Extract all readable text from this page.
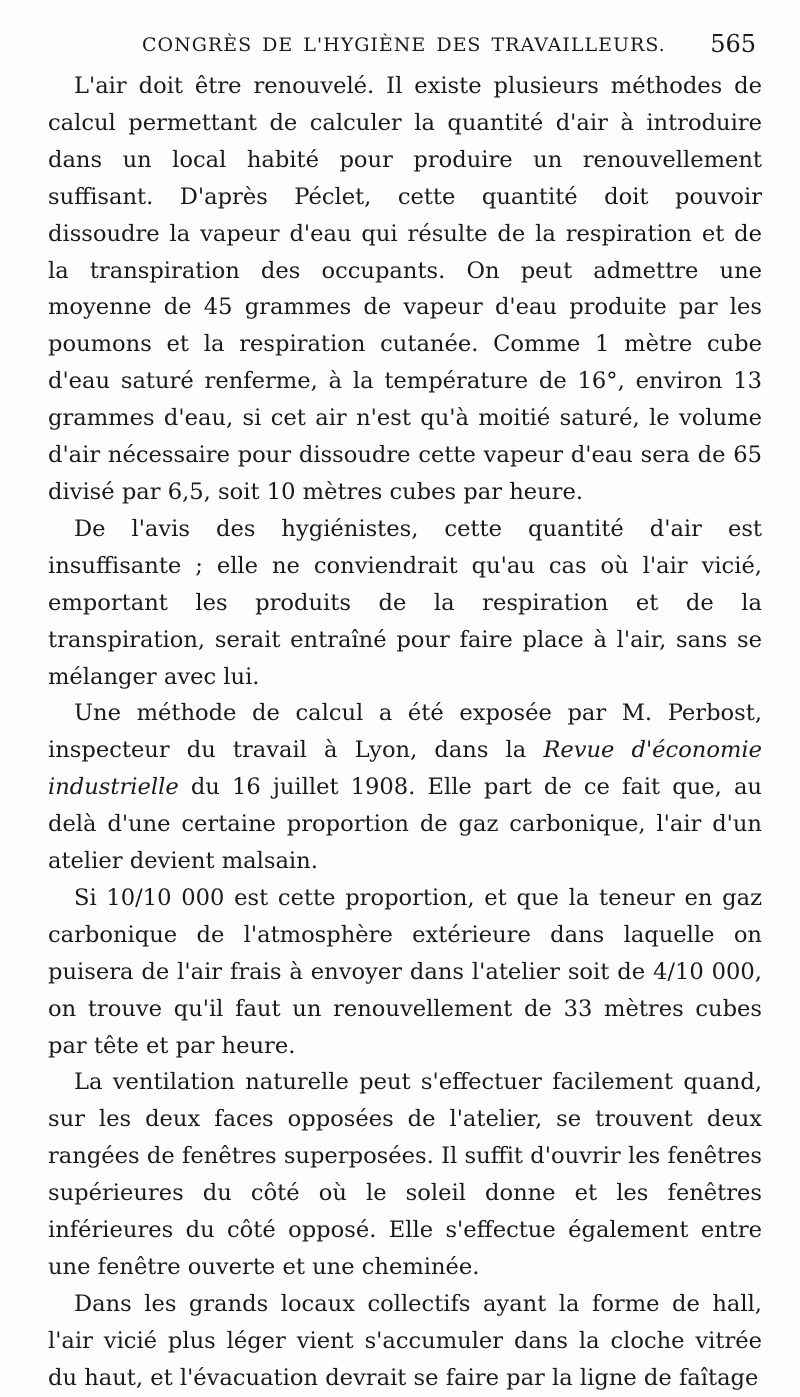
CONGRÈS DE L'HYGIÈNE DES TRAVAILLEURS. 565

L'air doit être renouvelé. Il existe plusieurs méthodes de calcul permettant de calculer la quantité d'air à introduire dans un local habité pour produire un renouvellement suffisant. D'après Péclet, cette quantité doit pouvoir dissoudre la vapeur d'eau qui résulte de la respiration et de la transpiration des occupants. On peut admettre une moyenne de 45 grammes de vapeur d'eau produite par les poumons et la respiration cutanée. Comme 1 mètre cube d'eau saturé renferme, à la température de 16°, environ 13 grammes d'eau, si cet air n'est qu'à moitié saturé, le volume d'air nécessaire pour dissoudre cette vapeur d'eau sera de 65 divisé par 6,5, soit 10 mètres cubes par heure.

De l'avis des hygiénistes, cette quantité d'air est insuffisante ; elle ne conviendrait qu'au cas où l'air vicié, emportant les produits de la respiration et de la transpiration, serait entraîné pour faire place à l'air, sans se mélanger avec lui.

Une méthode de calcul a été exposée par M. Perbost, inspecteur du travail à Lyon, dans la Revue d'économie industrielle du 16 juillet 1908. Elle part de ce fait que, au delà d'une certaine proportion de gaz carbonique, l'air d'un atelier devient malsain.

Si 10/10 000 est cette proportion, et que la teneur en gaz carbonique de l'atmosphère extérieure dans laquelle on puisera de l'air frais à envoyer dans l'atelier soit de 4/10 000, on trouve qu'il faut un renouvellement de 33 mètres cubes par tête et par heure.

La ventilation naturelle peut s'effectuer facilement quand, sur les deux faces opposées de l'atelier, se trouvent deux rangées de fenêtres superposées. Il suffit d'ouvrir les fenêtres supérieures du côté où le soleil donne et les fenêtres inférieures du côté opposé. Elle s'effectue également entre une fenêtre ouverte et une cheminée.

Dans les grands locaux collectifs ayant la forme de hall, l'air vicié plus léger vient s'accumuler dans la cloche vitrée du haut, et l'évacuation devrait se faire par la ligne de faîtage
